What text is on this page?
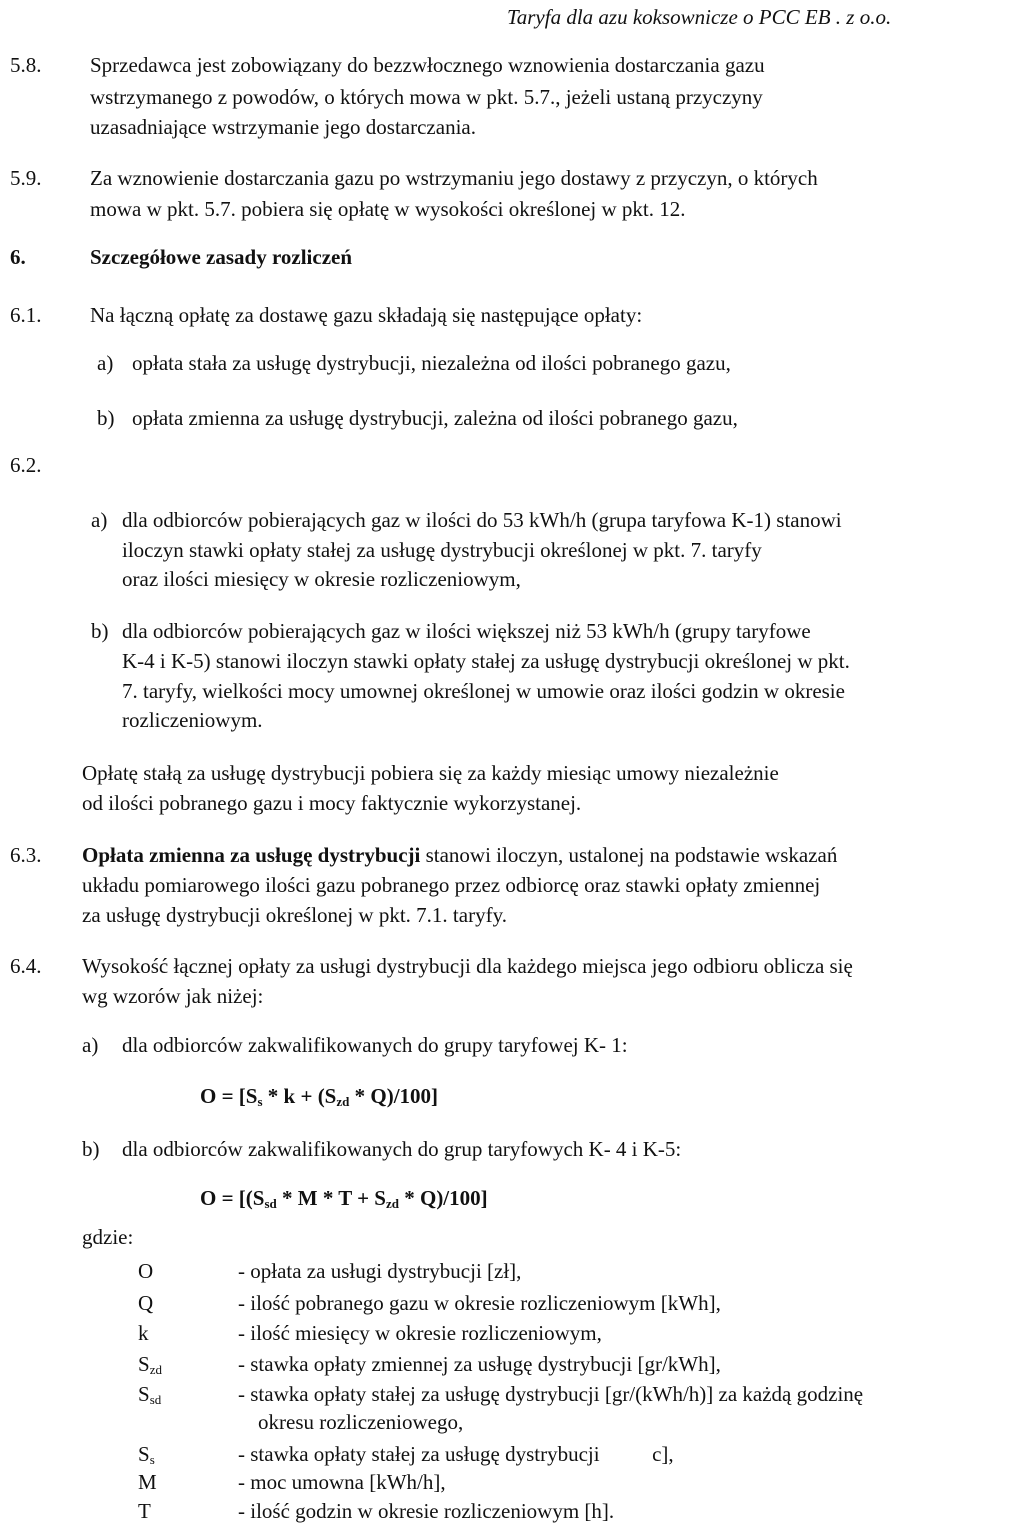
Taryfa dla azu koksownicze o PCC EB . z o.o.
5.8. Sprzedawca jest zobowiązany do bezzwłocznego wznowienia dostarczania gazu
wstrzymanego z powodów, o których mowa w pkt. 5.7., jeżeli ustaną przyczyny
uzasadniające wstrzymanie jego dostarczania.
5.9. Za wznowienie dostarczania gazu po wstrzymaniu jego dostawy z przyczyn, o których
mowa w pkt. 5.7. pobiera się opłatę w wysokości określonej w pkt. 12.
6.	Szczegółowe zasady rozliczeń
6.1. Na łączną opłatę za dostawę gazu składają się następujące opłaty:
a) opłata stała za usługę dystrybucji, niezależna od ilości pobranego gazu,
b) opłata zmienna za usługę dystrybucji, zależna od ilości pobranego gazu,
6.2.
a) dla odbiorców pobierających gaz w ilości do 53 kWh/h (grupa taryfowa K-1) stanowi
iloczyn stawki opłaty stałej za usługę dystrybucji określonej w pkt. 7. taryfy
oraz ilości miesięcy w okresie rozliczeniowym,
b) dla odbiorców pobierających gaz w ilości większej niż 53 kWh/h (grupy taryfowe
K-4 i K-5) stanowi iloczyn stawki opłaty stałej za usługę dystrybucji określonej w pkt.
7. taryfy, wielkości mocy umownej określonej w umowie oraz ilości godzin w okresie
rozliczeniowym.
Opłatę stałą za usługę dystrybucji pobiera się za każdy miesiąc umowy niezależnie
od ilości pobranego gazu i mocy faktycznie wykorzystanej.
6.3. Opłata zmienna za usługę dystrybucji stanowi iloczyn, ustalonej na podstawie wskazań
układu pomiarowego ilości gazu pobranego przez odbiorcę oraz stawki opłaty zmiennej
za usługę dystrybucji określonej w pkt. 7.1. taryfy.
6.4. Wysokość łącznej opłaty za usługi dystrybucji dla każdego miejsca jego odbioru oblicza się
wg wzorów jak niżej:
a) dla odbiorców zakwalifikowanych do grupy taryfowej K- 1:
$O = [S_s * k + (S_{zd} * Q)/100]$
b) dla odbiorców zakwalifikowanych do grup taryfowych K- 4 i K-5:
$O = [(S_{sd} * M * T + S_{zd} * Q)/100]$
gdzie:
O	- opłata za usługi dystrybucji [zł],
Q	- ilość pobranego gazu w okresie rozliczeniowym [kWh],
k	- ilość miesięcy w okresie rozliczeniowym,
$S_{zd}$	- stawka opłaty zmiennej za usługę dystrybucji [gr/kWh],
$S_{sd}$	- stawka opłaty stałej za usługę dystrybucji [gr/(kWh/h)] za każdą godzinę
okresu rozliczeniowego,
$S_s$	- stawka opłaty stałej za usługę dystrybucji          c],
M	- moc umowna [kWh/h],
T	- ilość godzin w okresie rozliczeniowym [h].
